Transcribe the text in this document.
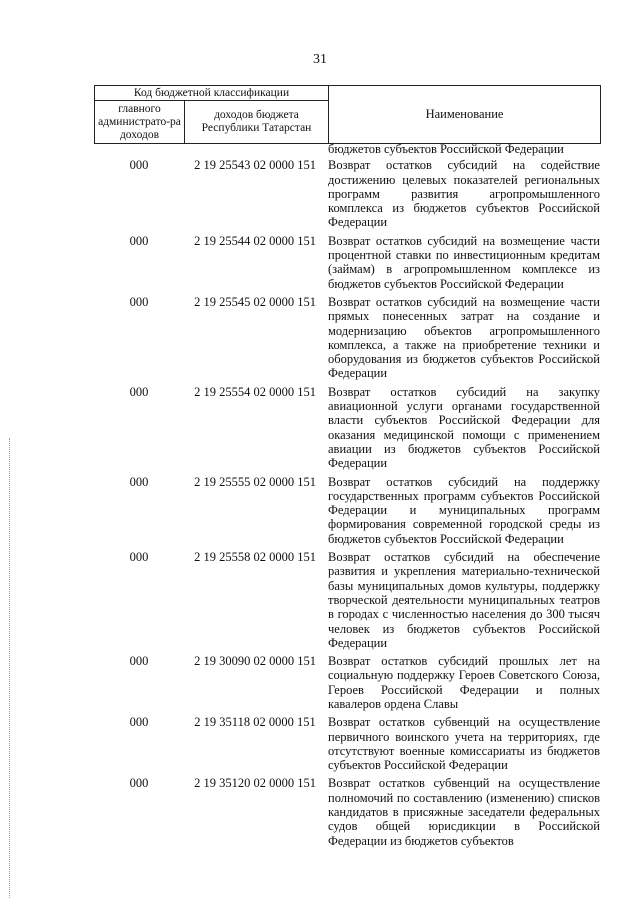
31
Код бюджетной классификации		Наименование
главного администрато-ра доходов	доходов бюджета Республики Татарстан	
бюджетов субъектов Российской Федерации
000	2 19 25543 02 0000 151 Возврат остатков субсидий на содействие достижению целевых показателей региональных программ развития агропромышленного комплекса из бюджетов субъектов Российской Федерации
000	2 19 25544 02 0000 151 Возврат остатков субсидий на возмещение части процентной ставки по инвестиционным кредитам (займам) в агропромышленном комплексе из бюджетов субъектов Российской Федерации
000	2 19 25545 02 0000 151 Возврат остатков субсидий на возмещение части прямых понесенных затрат на создание и модернизацию объектов агропромышленного комплекса, а также на приобретение техники и оборудования из бюджетов субъектов Российской Федерации
000	2 19 25554 02 0000 151 Возврат остатков субсидий на закупку авиационной услуги органами государственной власти субъектов Российской Федерации для оказания медицинской помощи с применением авиации из бюджетов субъектов Российской Федерации
000	2 19 25555 02 0000 151 Возврат остатков субсидий на поддержку государственных программ субъектов Российской Федерации и муниципальных программ формирования современной городской среды из бюджетов субъектов Российской Федерации
000	2 19 25558 02 0000 151 Возврат остатков субсидий на обеспечение развития и укрепления материально-технической базы муниципальных домов культуры, поддержку творческой деятельности муниципальных театров в городах с численностью населения до 300 тысяч человек из бюджетов субъектов Российской Федерации
000	2 19 30090 02 0000 151 Возврат остатков субсидий прошлых лет на социальную поддержку Героев Советского Союза, Героев Российской Федерации и полных кавалеров ордена Славы
000	2 19 35118 02 0000 151 Возврат остатков субвенций на осуществление первичного воинского учета на территориях, где отсутствуют военные комиссариаты из бюджетов субъектов Российской Федерации
000	2 19 35120 02 0000 151 Возврат остатков субвенций на осуществление полномочий по составлению (изменению) списков кандидатов в присяжные заседатели федеральных судов общей юрисдикции в Российской Федерации из бюджетов субъектов
